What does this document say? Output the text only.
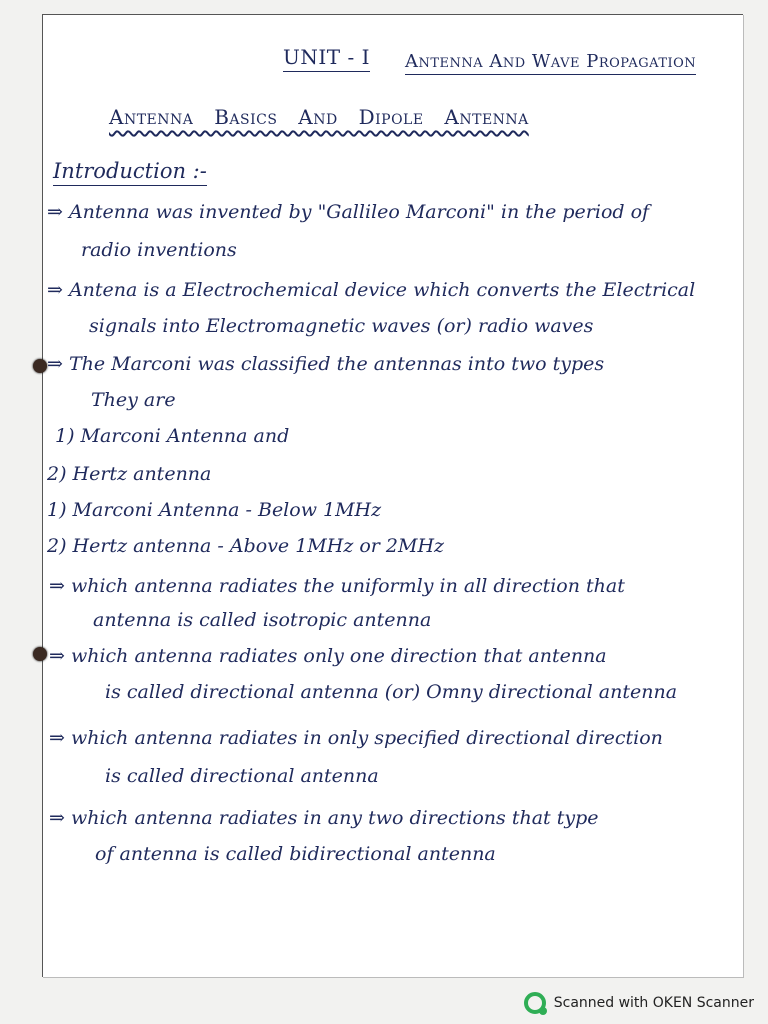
UNIT - I Antenna And Wave Propagation
Antenna Basics And Dipole Antenna
Introduction :-
⇒ Antenna was invented by "Gallileo Marconi" in the period of
radio inventions
⇒ Antena is a Electrochemical device which converts the Electrical
signals into Electromagnetic waves (or) radio waves
⇒ The Marconi was classified the antennas into two types
They are
1) Marconi Antenna and
2) Hertz antenna
1) Marconi Antenna - Below 1MHz
2) Hertz antenna - Above 1MHz or 2MHz
⇒ which antenna radiates the uniformly in all direction that
antenna is called isotropic antenna
⇒ which antenna radiates only one direction that antenna
is called directional antenna (or) Omny directional antenna
⇒ which antenna radiates in only specified directional direction
is called directional antenna
⇒ which antenna radiates in any two directions that type
of antenna is called bidirectional antenna
Scanned with OKEN Scanner
